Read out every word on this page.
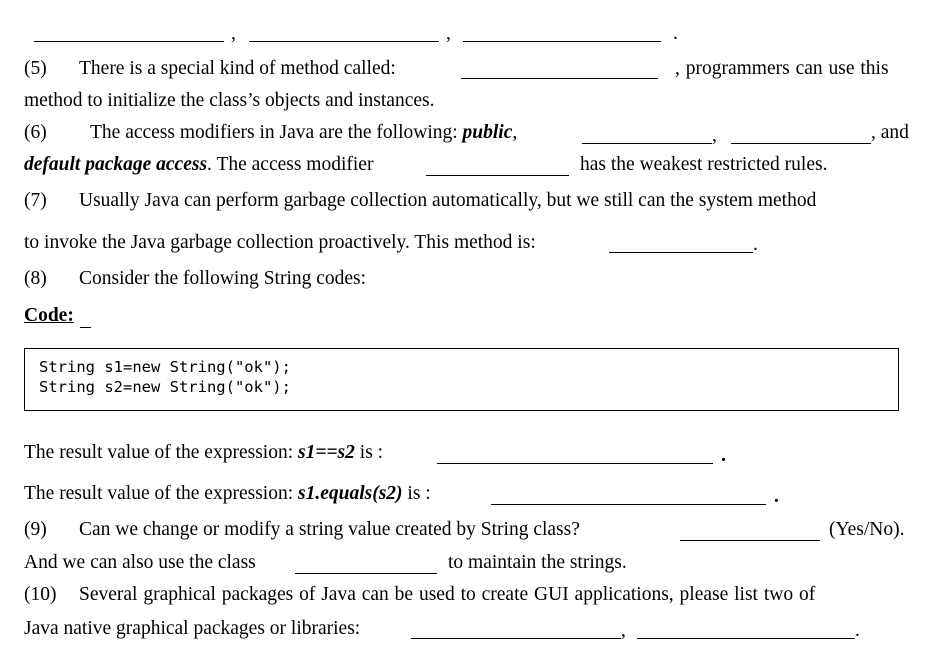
,	,	.
(5) There is a special kind of method called:	, programmers can use this
method to initialize the class’s objects and instances.
(6) The access modifiers in Java are the following: public,	,	, and
default package access. The access modifier	has the weakest restricted rules.
(7) Usually Java can perform garbage collection automatically, but we still can the system method
to invoke the Java garbage collection proactively. This method is:	.
(8) Consider the following String codes:
Code:
String s1=new String("ok");
String s2=new String("ok");
The result value of the expression: s1==s2 is :	.
The result value of the expression: s1.equals(s2) is :	.
(9) Can we change or modify a string value created by String class?	(Yes/No).
And we can also use the class	to maintain the strings.
(10) Several graphical packages of Java can be used to create GUI applications, please list two of
Java native graphical packages or libraries:	,	.
